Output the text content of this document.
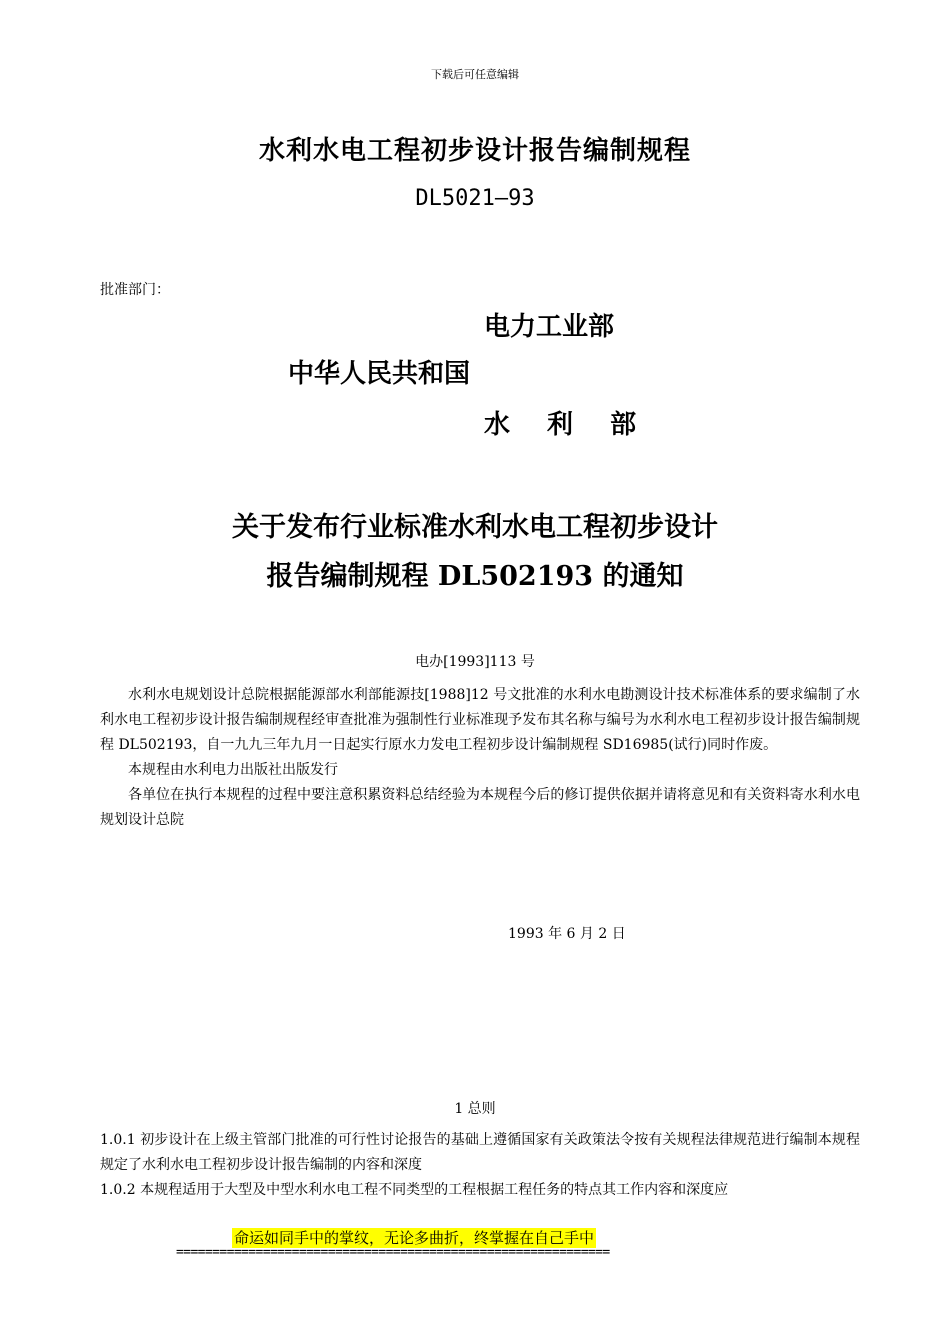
下载后可任意编辑
水利水电工程初步设计报告编制规程
DL5021—93
批准部门：
电力工业部
中华人民共和国
水 利 部
关于发布行业标准水利水电工程初步设计
报告编制规程 DL502193 的通知
电办[1993]113 号

水利水电规划设计总院根据能源部水利部能源技[1988]12 号文批准的水利水电勘测设计技术标准体系的要求编制了水利水电工程初步设计报告编制规程经审查批准为强制性行业标准现予发布其名称与编号为水利水电工程初步设计报告编制规程 DL502193，自一九九三年九月一日起实行原水力发电工程初步设计编制规程 SD16985(试行)同时作废。

本规程由水利电力出版社出版发行

各单位在执行本规程的过程中要注意积累资料总结经验为本规程今后的修订提供依据并请将意见和有关资料寄水利水电规划设计总院

1993 年 6 月 2 日
1 总则

1.0.1 初步设计在上级主管部门批准的可行性讨论报告的基础上遵循国家有关政策法令按有关规程法律规范进行编制本规程规定了水利水电工程初步设计报告编制的内容和深度

1.0.2 本规程适用于大型及中型水利水电工程不同类型的工程根据工程任务的特点其工作内容和深度应

命运如同手中的掌纹，无论多曲折，终掌握在自己手中
============================================================
